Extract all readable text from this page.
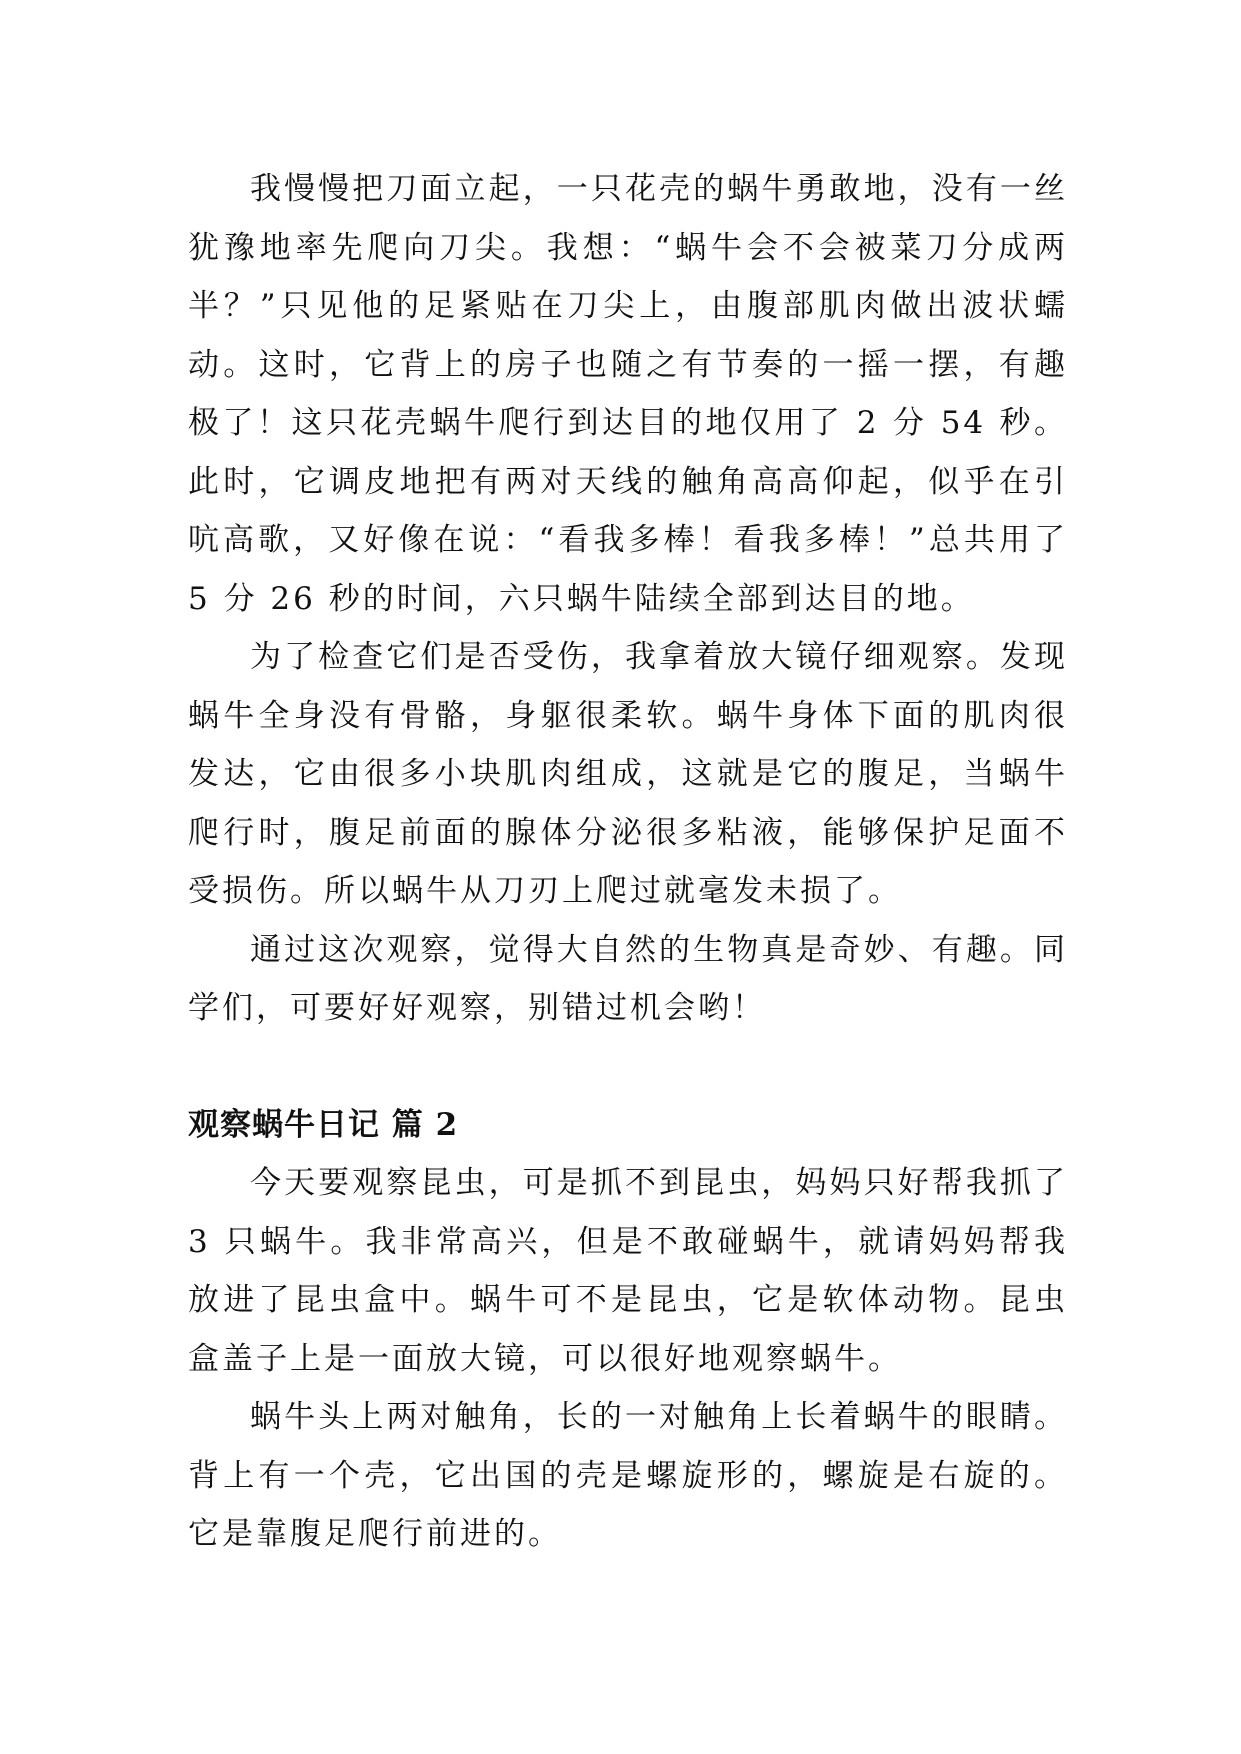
我慢慢把刀面立起，一只花壳的蜗牛勇敢地，没有一丝犹豫地率先爬向刀尖。我想：“蜗牛会不会被菜刀分成两半？”只见他的足紧贴在刀尖上，由腹部肌肉做出波状蠕动。这时，它背上的房子也随之有节奏的一摇一摆，有趣极了！这只花壳蜗牛爬行到达目的地仅用了 2 分 54 秒。此时，它调皮地把有两对天线的触角高高仰起，似乎在引吭高歌，又好像在说：“看我多棒！看我多棒！”总共用了 5 分 26 秒的时间，六只蜗牛陆续全部到达目的地。

为了检查它们是否受伤，我拿着放大镜仔细观察。发现蜗牛全身没有骨骼，身躯很柔软。蜗牛身体下面的肌肉很发达，它由很多小块肌肉组成，这就是它的腹足，当蜗牛爬行时，腹足前面的腺体分泌很多粘液，能够保护足面不受损伤。所以蜗牛从刀刃上爬过就毫发未损了。

通过这次观察，觉得大自然的生物真是奇妙、有趣。同学们，可要好好观察，别错过机会哟！

观察蜗牛日记 篇 2

今天要观察昆虫，可是抓不到昆虫，妈妈只好帮我抓了 3 只蜗牛。我非常高兴，但是不敢碰蜗牛，就请妈妈帮我放进了昆虫盒中。蜗牛可不是昆虫，它是软体动物。昆虫盒盖子上是一面放大镜，可以很好地观察蜗牛。

蜗牛头上两对触角，长的一对触角上长着蜗牛的眼睛。背上有一个壳，它出国的壳是螺旋形的，螺旋是右旋的。它是靠腹足爬行前进的。
